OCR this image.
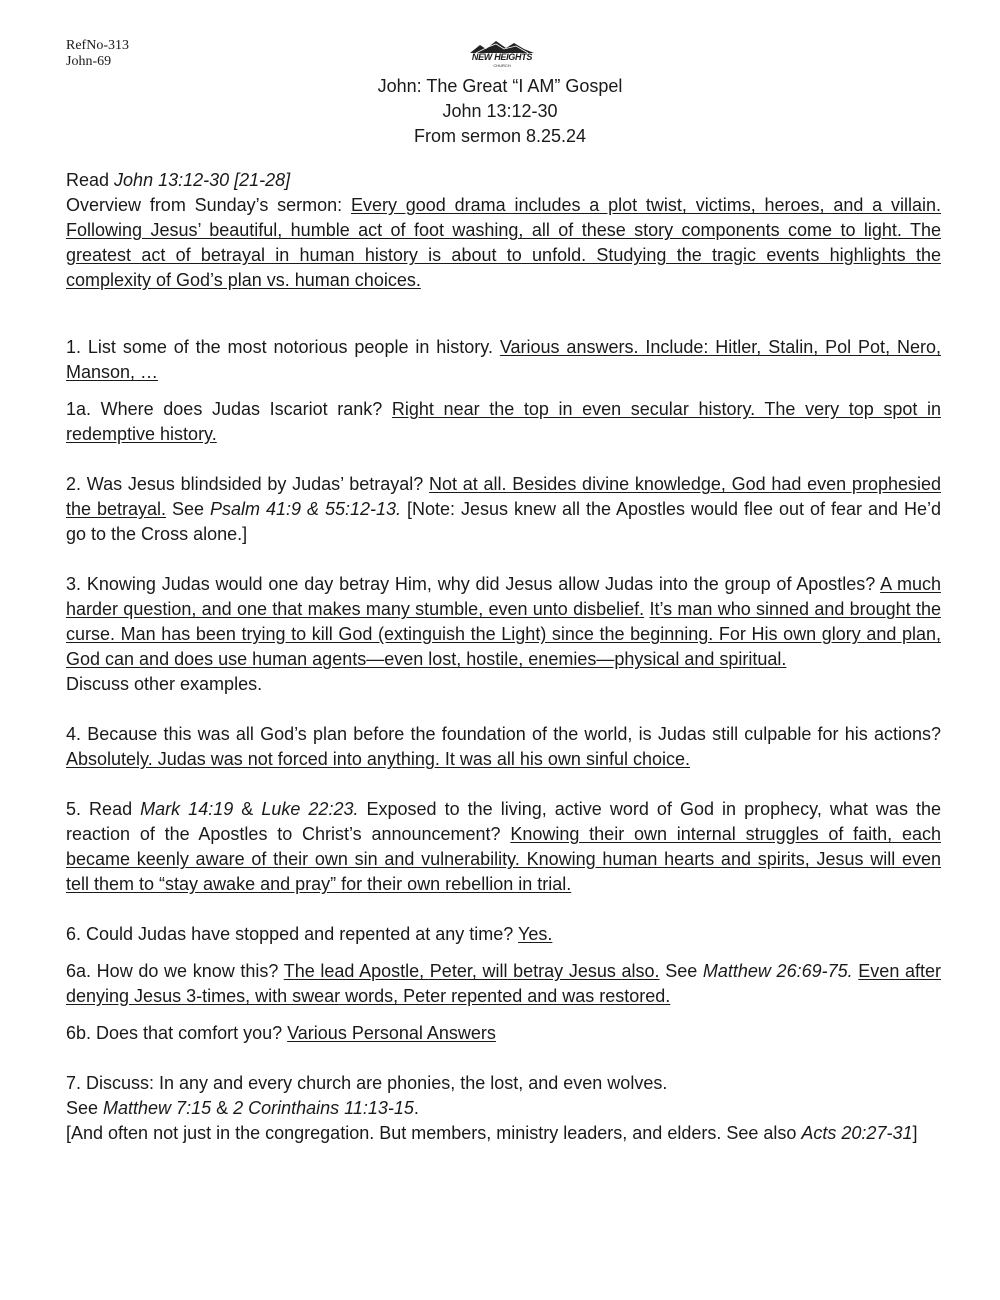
RefNo-313
John-69	NEW HEIGHTS
CHURCH
John: The Great “I AM” Gospel
John 13:12-30
From sermon 8.25.24

Read John 13:12-30 [21-28]

Overview from Sunday’s sermon: Every good drama includes a plot twist, victims, heroes, and a villain. Following Jesus’ beautiful, humble act of foot washing, all of these story components come to light. The greatest act of betrayal in human history is about to unfold. Studying the tragic events highlights the complexity of God’s plan vs. human choices.

1. List some of the most notorious people in history. Various answers. Include: Hitler, Stalin, Pol Pot, Nero, Manson, …

1a. Where does Judas Iscariot rank? Right near the top in even secular history. The very top spot in redemptive history.

2. Was Jesus blindsided by Judas’ betrayal? Not at all. Besides divine knowledge, God had even prophesied the betrayal. See Psalm 41:9 & 55:12-13. [Note: Jesus knew all the Apostles would flee out of fear and He’d go to the Cross alone.]

3. Knowing Judas would one day betray Him, why did Jesus allow Judas into the group of Apostles? A much harder question, and one that makes many stumble, even unto disbelief. It’s man who sinned and brought the curse. Man has been trying to kill God (extinguish the Light) since the beginning. For His own glory and plan, God can and does use human agents—even lost, hostile, enemies—physical and spiritual.
Discuss other examples.

4. Because this was all God’s plan before the foundation of the world, is Judas still culpable for his actions? Absolutely. Judas was not forced into anything. It was all his own sinful choice.

5. Read Mark 14:19 & Luke 22:23. Exposed to the living, active word of God in prophecy, what was the reaction of the Apostles to Christ’s announcement? Knowing their own internal struggles of faith, each became keenly aware of their own sin and vulnerability. Knowing human hearts and spirits, Jesus will even tell them to “stay awake and pray” for their own rebellion in trial.

6. Could Judas have stopped and repented at any time? Yes.

6a. How do we know this? The lead Apostle, Peter, will betray Jesus also. See Matthew 26:69-75. Even after denying Jesus 3-times, with swear words, Peter repented and was restored.

6b. Does that comfort you? Various Personal Answers

7. Discuss: In any and every church are phonies, the lost, and even wolves.
See Matthew 7:15 & 2 Corinthains 11:13-15.
[And often not just in the congregation. But members, ministry leaders, and elders. See also Acts 20:27-31]
